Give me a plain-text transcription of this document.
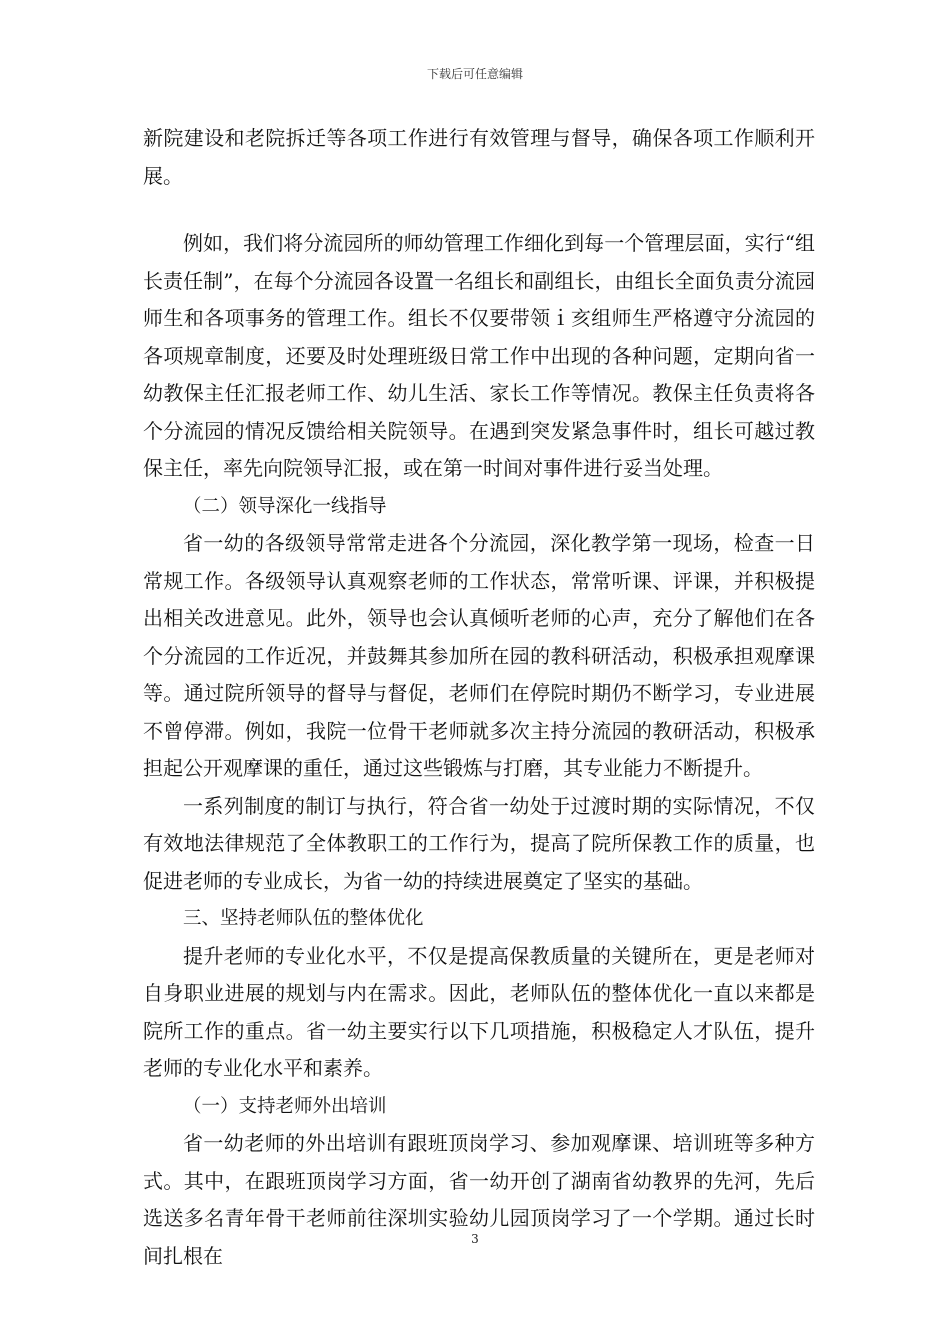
下载后可任意编辑

新院建设和老院拆迁等各项工作进行有效管理与督导，确保各项工作顺利开展。

例如，我们将分流园所的师幼管理工作细化到每一个管理层面，实行“组长责任制”，在每个分流园各设置一名组长和副组长，由组长全面负责分流园师生和各项事务的管理工作。组长不仅要带领ｉ亥组师生严格遵守分流园的各项规章制度，还要及时处理班级日常工作中出现的各种问题，定期向省一幼教保主任汇报老师工作、幼儿生活、家长工作等情况。教保主任负责将各个分流园的情况反馈给相关院领导。在遇到突发紧急事件时，组长可越过教保主任，率先向院领导汇报，或在第一时间对事件进行妥当处理。

（二）领导深化一线指导

省一幼的各级领导常常走进各个分流园，深化教学第一现场，检查一日常规工作。各级领导认真观察老师的工作状态，常常听课、评课，并积极提出相关改进意见。此外，领导也会认真倾听老师的心声，充分了解他们在各个分流园的工作近况，并鼓舞其参加所在园的教科研活动，积极承担观摩课等。通过院所领导的督导与督促，老师们在停院时期仍不断学习，专业进展不曾停滞。例如，我院一位骨干老师就多次主持分流园的教研活动，积极承担起公开观摩课的重任，通过这些锻炼与打磨，其专业能力不断提升。

一系列制度的制订与执行，符合省一幼处于过渡时期的实际情况，不仅有效地法律规范了全体教职工的工作行为，提高了院所保教工作的质量，也促进老师的专业成长，为省一幼的持续进展奠定了坚实的基础。

三、坚持老师队伍的整体优化

提升老师的专业化水平，不仅是提高保教质量的关键所在，更是老师对自身职业进展的规划与内在需求。因此，老师队伍的整体优化一直以来都是院所工作的重点。省一幼主要实行以下几项措施，积极稳定人才队伍，提升老师的专业化水平和素养。

（一）支持老师外出培训

省一幼老师的外出培训有跟班顶岗学习、参加观摩课、培训班等多种方式。其中，在跟班顶岗学习方面，省一幼开创了湖南省幼教界的先河，先后选送多名青年骨干老师前往深圳实验幼儿园顶岗学习了一个学期。通过长时间扎根在

3
